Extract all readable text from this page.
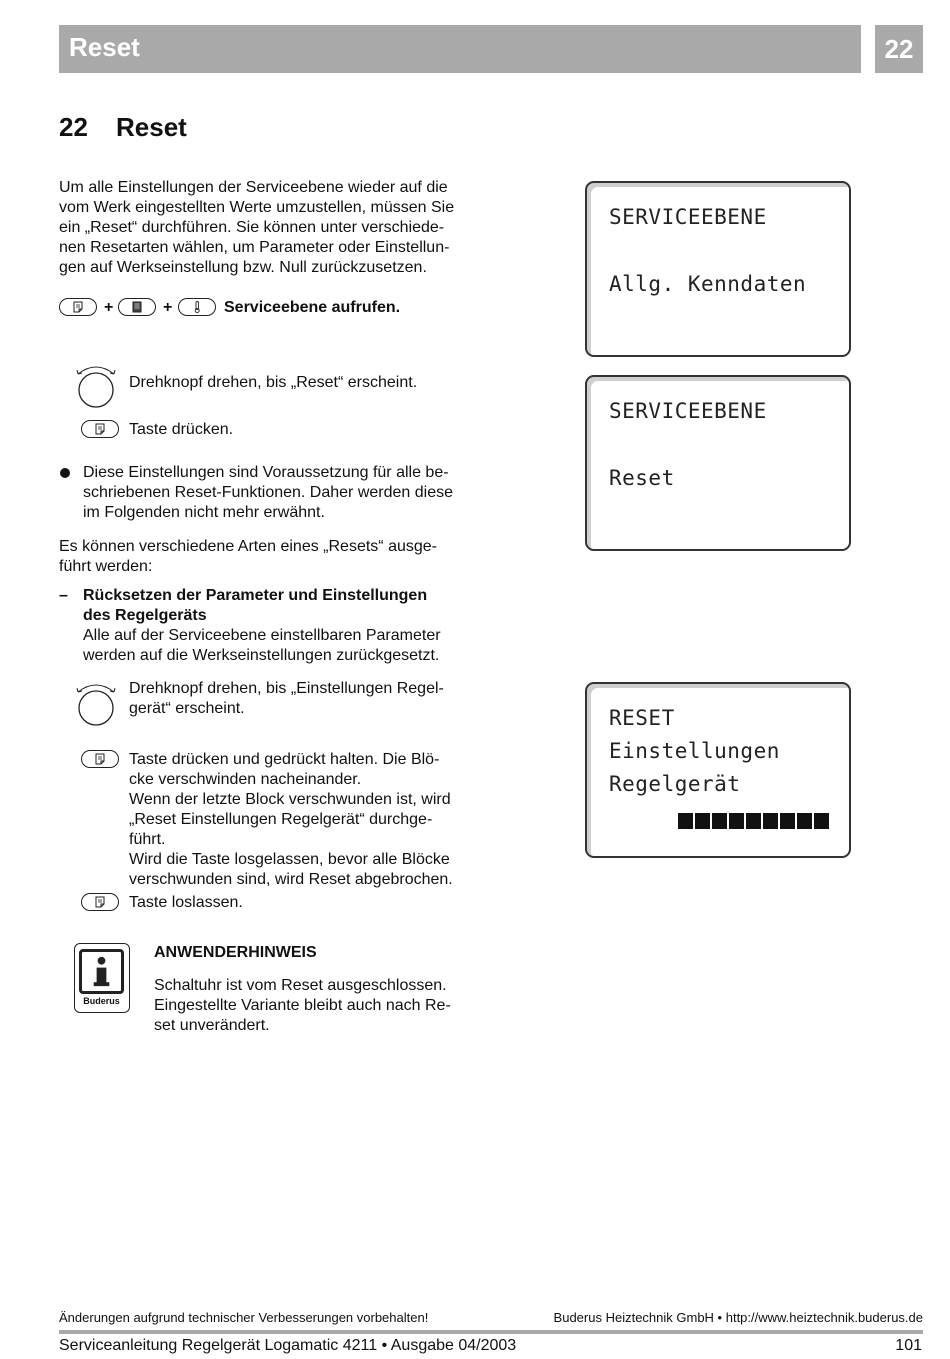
Reset	22
22 Reset
Um alle Einstellungen der Serviceebene wieder auf die
vom Werk eingestellten Werte umzustellen, müssen Sie
ein „Reset“ durchführen. Sie können unter verschiede-
nen Resetarten wählen, um Parameter oder Einstellun-
gen auf Werkseinstellung bzw. Null zurückzusetzen.
+	+	Serviceebene aufrufen.
Drehknopf drehen, bis „Reset“ erscheint.
Taste drücken.
Diese Einstellungen sind Voraussetzung für alle be-
schriebenen Reset-Funktionen. Daher werden diese
im Folgenden nicht mehr erwähnt.
Es können verschiedene Arten eines „Resets“ ausge-
führt werden:
– Rücksetzen der Parameter und Einstellungen
des Regelgeräts
Alle auf der Serviceebene einstellbaren Parameter
werden auf die Werkseinstellungen zurückgesetzt.
Drehknopf drehen, bis „Einstellungen Regel-
gerät“ erscheint.
Taste drücken und gedrückt halten. Die Blö-
cke verschwinden nacheinander.
Wenn der letzte Block verschwunden ist, wird
„Reset Einstellungen Regelgerät“ durchge-
führt.
Wird die Taste losgelassen, bevor alle Blöcke
verschwunden sind, wird Reset abgebrochen.
Taste loslassen.
Buderus
ANWENDERHINWEIS
Schaltuhr ist vom Reset ausgeschlossen.
Eingestellte Variante bleibt auch nach Re-
set unverändert.
SERVICEEBENE
Allg. Kenndaten
SERVICEEBENE
Reset
RESET
Einstellungen
Regelgerät
Änderungen aufgrund technischer Verbesserungen vorbehalten!	Buderus Heiztechnik GmbH • http://www.heiztechnik.buderus.de
Serviceanleitung Regelgerät Logamatic 4211 • Ausgabe 04/2003	101
